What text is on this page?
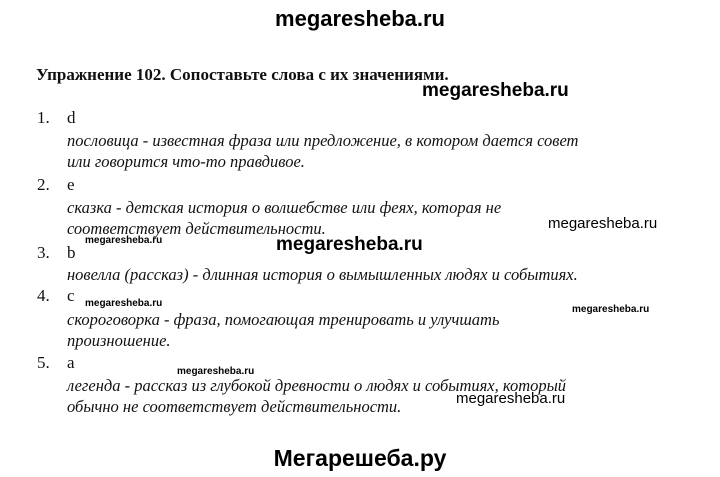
megaresheba.ru
Упражнение 102. Сопоставьте слова с их значениями.
megaresheba.ru
1. d
пословица - известная фраза или предложение, в котором дается совет
или говорится что-то правдивое.
2. e
сказка - детская история о волшебстве или феях, которая не
соответствует действительности.	megaresheba.ru
megaresheba.ru	megaresheba.ru
3. b
новелла (рассказ) - длинная история о вымышленных людях и событиях.
4. c megaresheba.ru
megaresheba.ru
скороговорка - фраза, помогающая тренировать и улучшать
произношение.
5. a	megaresheba.ru
легенда - рассказ из глубокой древности о людях и событиях, который
обычно не соответствует действительности.	megaresheba.ru
Мегарешеба.ру
